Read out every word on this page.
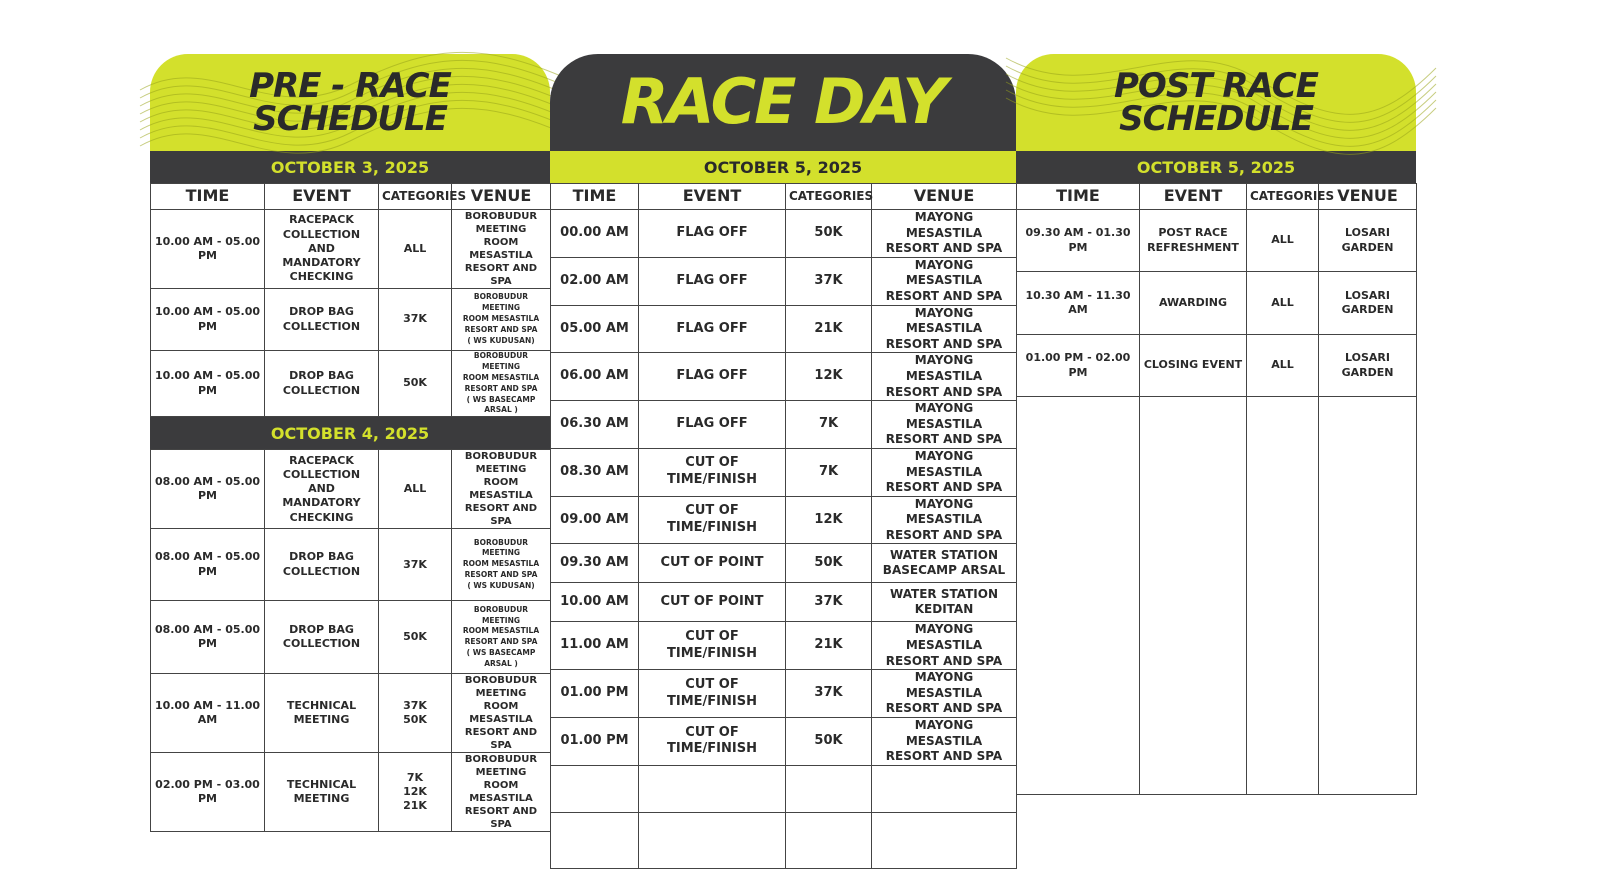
PRE - RACE
SCHEDULE
OCTOBER 3, 2025
TIME	EVENT	CATEGORIES	VENUE
10.00 AM - 05.00 PM	RACEPACK COLLECTION
AND MANDATORY
CHECKING	ALL	BOROBUDUR MEETING
ROOM MESASTILA
RESORT AND SPA
10.00 AM - 05.00 PM	DROP BAG
COLLECTION	37K	BOROBUDUR MEETING
ROOM MESASTILA
RESORT AND SPA
( WS KUDUSAN)
10.00 AM - 05.00 PM	DROP BAG
COLLECTION	50K	BOROBUDUR MEETING
ROOM MESASTILA
RESORT AND SPA
( WS BASECAMP ARSAL )
OCTOBER 4, 2025
08.00 AM - 05.00 PM	RACEPACK COLLECTION
AND MANDATORY
CHECKING	ALL	BOROBUDUR MEETING
ROOM MESASTILA
RESORT AND SPA
08.00 AM - 05.00 PM	DROP BAG
COLLECTION	37K	BOROBUDUR MEETING
ROOM MESASTILA
RESORT AND SPA
( WS KUDUSAN)
08.00 AM - 05.00 PM	DROP BAG
COLLECTION	50K	BOROBUDUR MEETING
ROOM MESASTILA
RESORT AND SPA
( WS BASECAMP ARSAL )
10.00 AM - 11.00 AM	TECHNICAL
MEETING	37K
50K	BOROBUDUR MEETING
ROOM MESASTILA
RESORT AND SPA
02.00 PM - 03.00 PM	TECHNICAL
MEETING	7K
12K
21K	BOROBUDUR MEETING
ROOM MESASTILA
RESORT AND SPA
RACE DAY
OCTOBER 5, 2025
TIME	EVENT	CATEGORIES	VENUE
00.00 AM	FLAG OFF	50K	MAYONG MESASTILA
RESORT AND SPA
02.00 AM	FLAG OFF	37K	MAYONG MESASTILA
RESORT AND SPA
05.00 AM	FLAG OFF	21K	MAYONG MESASTILA
RESORT AND SPA
06.00 AM	FLAG OFF	12K	MAYONG MESASTILA
RESORT AND SPA
06.30 AM	FLAG OFF	7K	MAYONG MESASTILA
RESORT AND SPA
08.30 AM	CUT OF TIME/FINISH	7K	MAYONG MESASTILA
RESORT AND SPA
09.00 AM	CUT OF TIME/FINISH	12K	MAYONG MESASTILA
RESORT AND SPA
09.30 AM	CUT OF POINT	50K	WATER STATION
BASECAMP ARSAL
10.00 AM	CUT OF POINT	37K	WATER STATION KEDITAN
11.00 AM	CUT OF TIME/FINISH	21K	MAYONG MESASTILA
RESORT AND SPA
01.00 PM	CUT OF TIME/FINISH	37K	MAYONG MESASTILA
RESORT AND SPA
01.00 PM	CUT OF TIME/FINISH	50K	MAYONG MESASTILA
RESORT AND SPA

POST RACE
SCHEDULE
OCTOBER 5, 2025
TIME	EVENT	CATEGORIES	VENUE
09.30 AM - 01.30 PM	POST RACE
REFRESHMENT	ALL	LOSARI GARDEN
10.30 AM - 11.30 AM	AWARDING	ALL	LOSARI GARDEN
01.00 PM - 02.00 PM	CLOSING EVENT	ALL	LOSARI GARDEN
